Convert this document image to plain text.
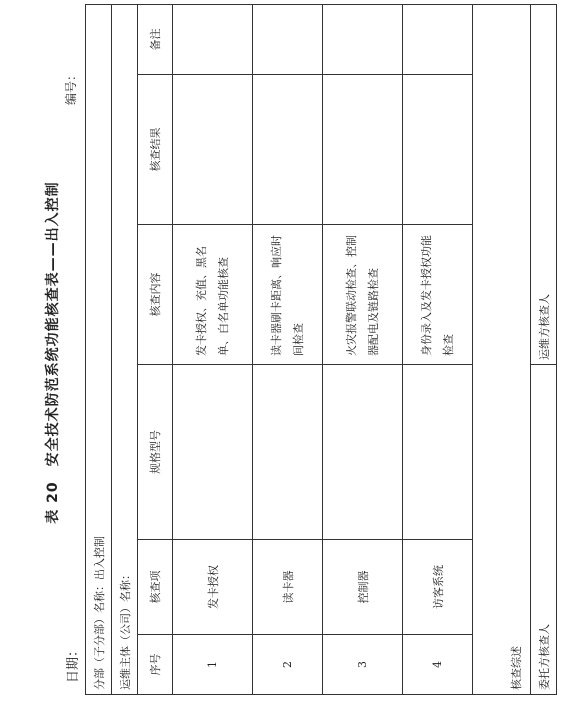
表 20　安全技术防范系统功能核查表——出入控制
日期：
编号：
分部（子分部）名称：出入控制					
运维主体（公司）名称：					
序号	核查项	规格型号	核查内容	核查结果	备注
1	发卡授权		发卡授权、充值、黑名单、白名单功能核查		
2	读卡器		读卡器刷卡距离、响应时间检查		
3	控制器		火灾报警联动检查、控制器配电及链路检查		
4	访客系统		身份录入及发卡授权功能检查		
核查综述					
委托方核查人			运维方核查人		
